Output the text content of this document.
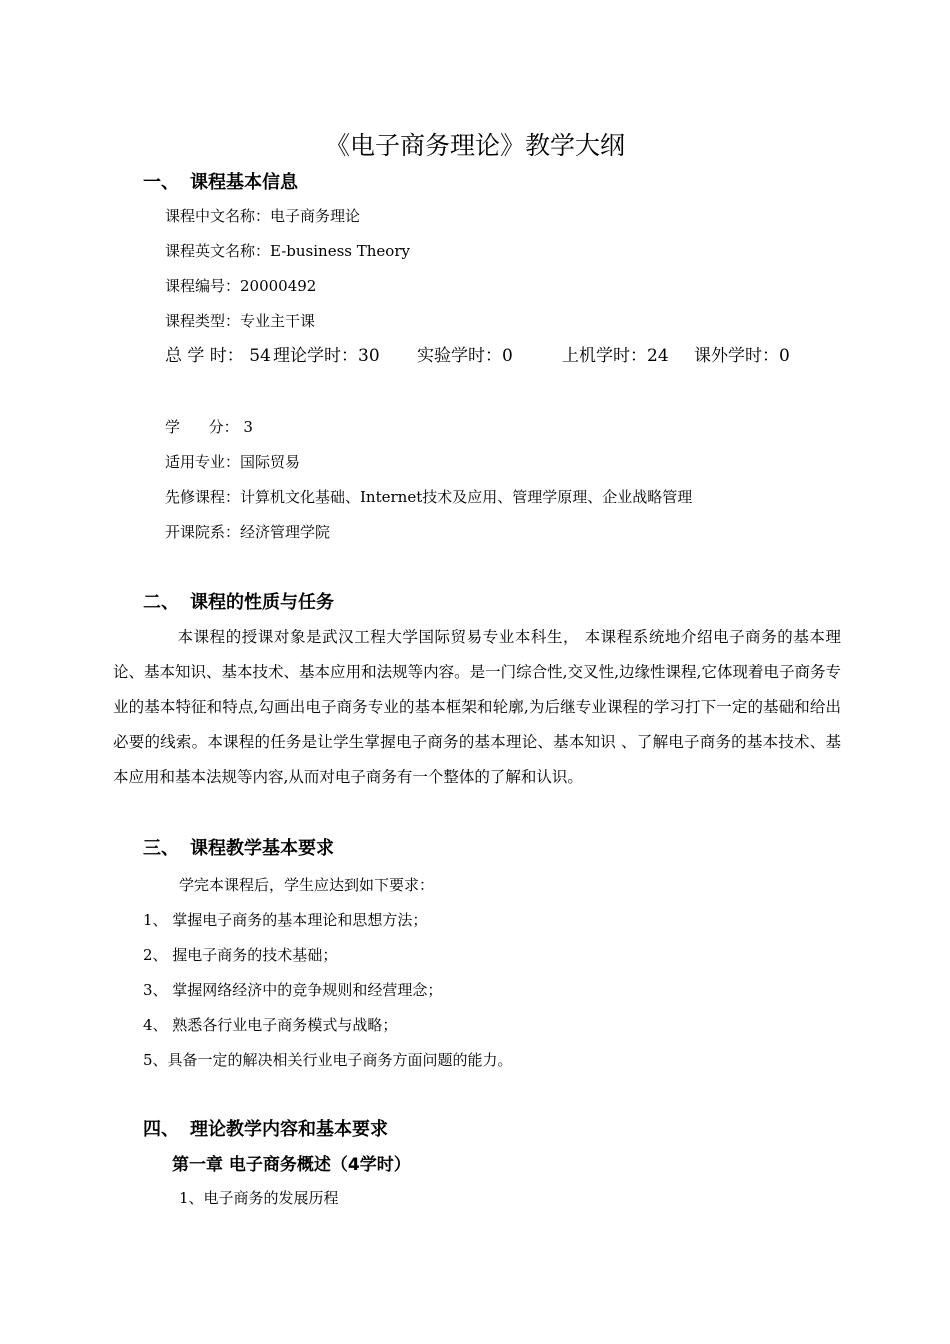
《电子商务理论》教学大纲
一、 课程基本信息
课程中文名称：电子商务理论
课程英文名称：E-business Theory
课程编号：20000492
课程类型：专业主干课
总 学 时： 54 理论学时：30 实验学时：0	上机学时：24 课外学时：0
学      分： 3
适用专业：国际贸易
先修课程：计算机文化基础、Internet技术及应用、管理学原理、企业战略管理
开课院系：经济管理学院
二、 课程的性质与任务
本课程的授课对象是武汉工程大学国际贸易专业本科生， 本课程系统地介绍电子商务的基本理论、基本知识、基本技术、基本应用和法规等内容。是一门综合性,交叉性,边缘性课程,它体现着电子商务专业的基本特征和特点,勾画出电子商务专业的基本框架和轮廓,为后继专业课程的学习打下一定的基础和给出必要的线索。本课程的任务是让学生掌握电子商务的基本理论、基本知识 、了解电子商务的基本技术、基本应用和基本法规等内容,从而对电子商务有一个整体的了解和认识。
三、 课程教学基本要求
学完本课程后，学生应达到如下要求：
1、 掌握电子商务的基本理论和思想方法；
2、 握电子商务的技术基础；
3、 掌握网络经济中的竞争规则和经营理念；
4、 熟悉各行业电子商务模式与战略；
5、具备一定的解决相关行业电子商务方面问题的能力。
四、 理论教学内容和基本要求
第一章 电子商务概述（4学时）
1、电子商务的发展历程
